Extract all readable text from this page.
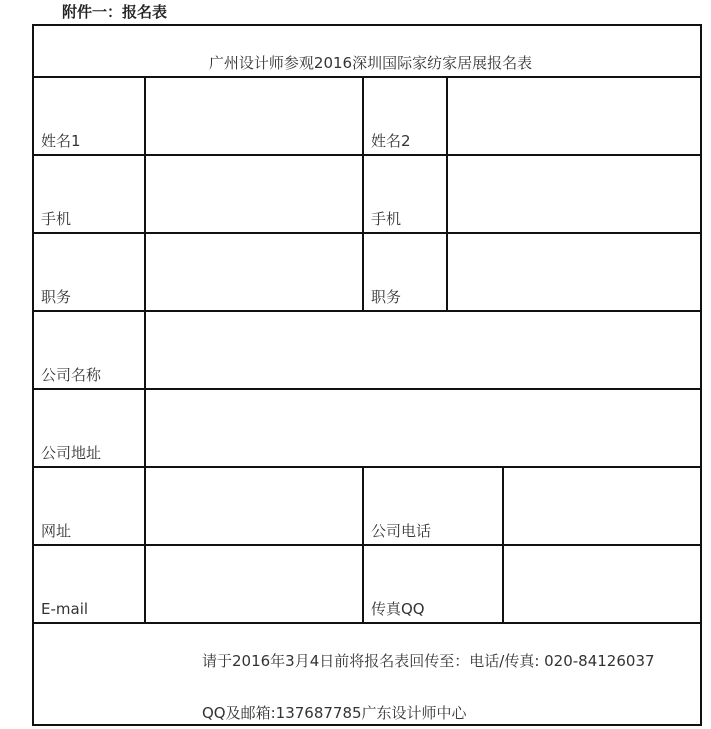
附件一：报名表
广州设计师参观2016深圳国际家纺家居展报名表				
姓名1		姓名2		
手机		手机		
职务		职务		
公司名称				
公司地址				
网址		公司电话		
E-mail		传真QQ		

请于2016年3月4日前将报名表回传至：电话/传真: 020-84126037
QQ及邮箱:137687785广东设计师中心				
